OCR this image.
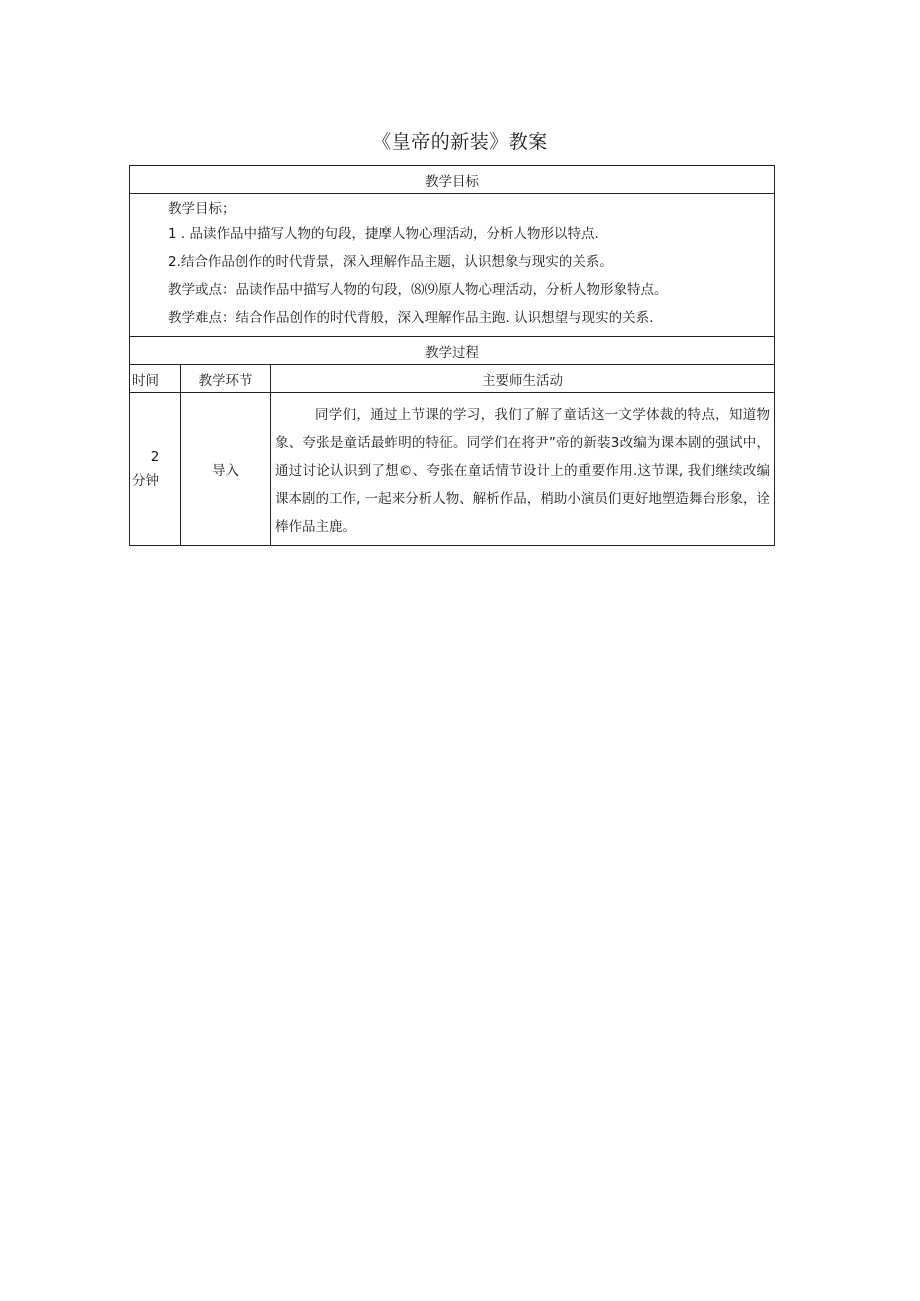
《皇帝的新装》教案
教学目标		

教学目标；
1 . 品读作品中描写人物的句段，捷摩人物心理活动，分析人物形以特点.
2.结合作品创作的时代背景，深入理解作品主题，认识想象与现实的关系。
教学或点：品读作品中描写人物的句段，⑻⑼原人物心理活动，分析人物形象特点。
教学难点：结合作品创作的时代背般，深入理解作品主跑. 认识想望与现实的关系.		

教学过程		
时间	教学环节	主要师生活动

2
分钟	导入	同学们，通过上节课的学习，我们了解了童话这一文学体裁的特点，知道物象、夸张是童话最蚱明的特征。同学们在将尹”帝的新装3改编为课本剧的强试中，通过讨论认识到了想©、夸张在童话情节设计上的重要作用.这节课, 我们继续改编课本剧的工作, 一起来分析人物、解析作品，梢助小演员们更好地塑造舞台形象，诠棒作品主鹿。
